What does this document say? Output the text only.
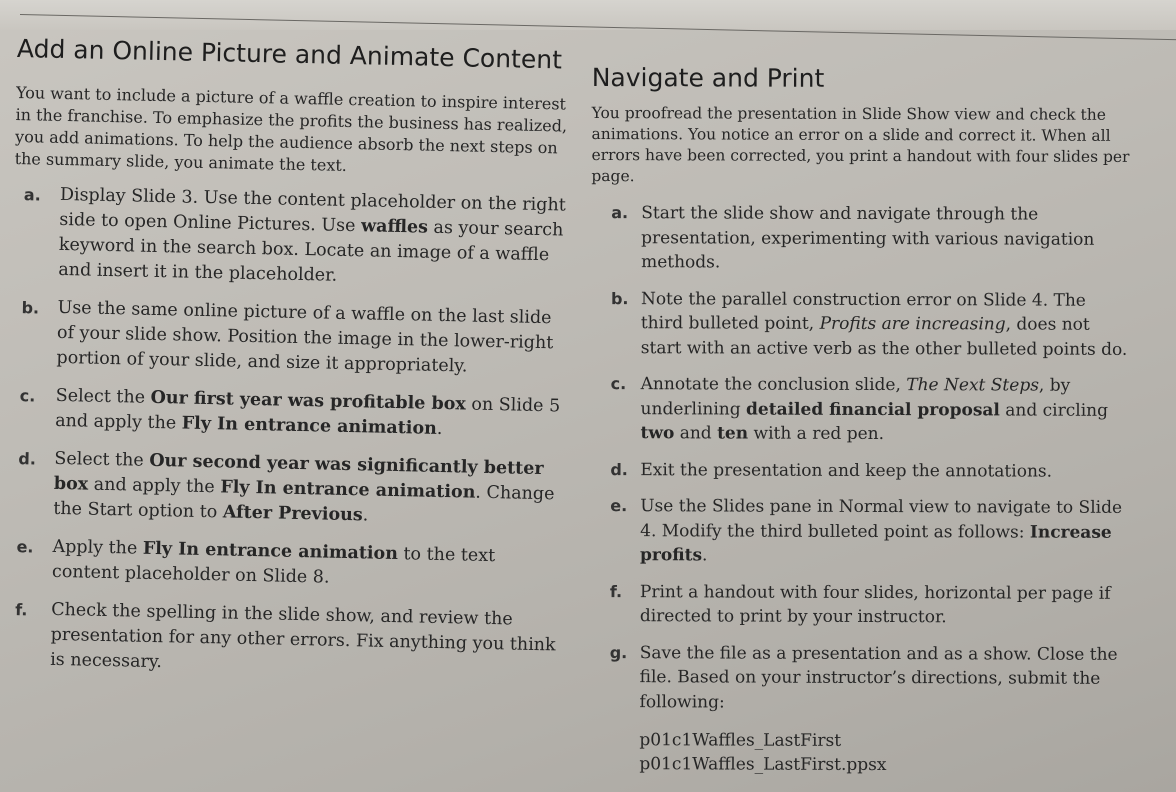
Add an Online Picture and Animate Content

You want to include a picture of a waffle creation to inspire interest in the franchise. To emphasize the profits the business has realized, you add animations. To help the audience absorb the next steps on the summary slide, you animate the text.

a. Display Slide 3. Use the content placeholder on the right side to open Online Pictures. Use waffles as your search keyword in the search box. Locate an image of a waffle and insert it in the placeholder.
b. Use the same online picture of a waffle on the last slide of your slide show. Position the image in the lower-right portion of your slide, and size it appropriately.
c. Select the Our first year was profitable box on Slide 5 and apply the Fly In entrance animation.
d. Select the Our second year was significantly better box and apply the Fly In entrance animation. Change the Start option to After Previous.
e. Apply the Fly In entrance animation to the text content placeholder on Slide 8.
f. Check the spelling in the slide show, and review the presentation for any other errors. Fix anything you think is necessary.
Navigate and Print

You proofread the presentation in Slide Show view and check the animations. You notice an error on a slide and correct it. When all errors have been corrected, you print a handout with four slides per page.

a. Start the slide show and navigate through the presentation, experimenting with various navigation methods.
b. Note the parallel construction error on Slide 4. The third bulleted point, Profits are increasing, does not start with an active verb as the other bulleted points do.
c. Annotate the conclusion slide, The Next Steps, by underlining detailed financial proposal and circling two and ten with a red pen.
d. Exit the presentation and keep the annotations.
e. Use the Slides pane in Normal view to navigate to Slide 4. Modify the third bulleted point as follows: Increase profits.
f. Print a handout with four slides, horizontal per page if directed to print by your instructor.
g. Save the file as a presentation and as a show. Close the file. Based on your instructor’s directions, submit the following:
p01c1Waffles_LastFirst
p01c1Waffles_LastFirst.ppsx
